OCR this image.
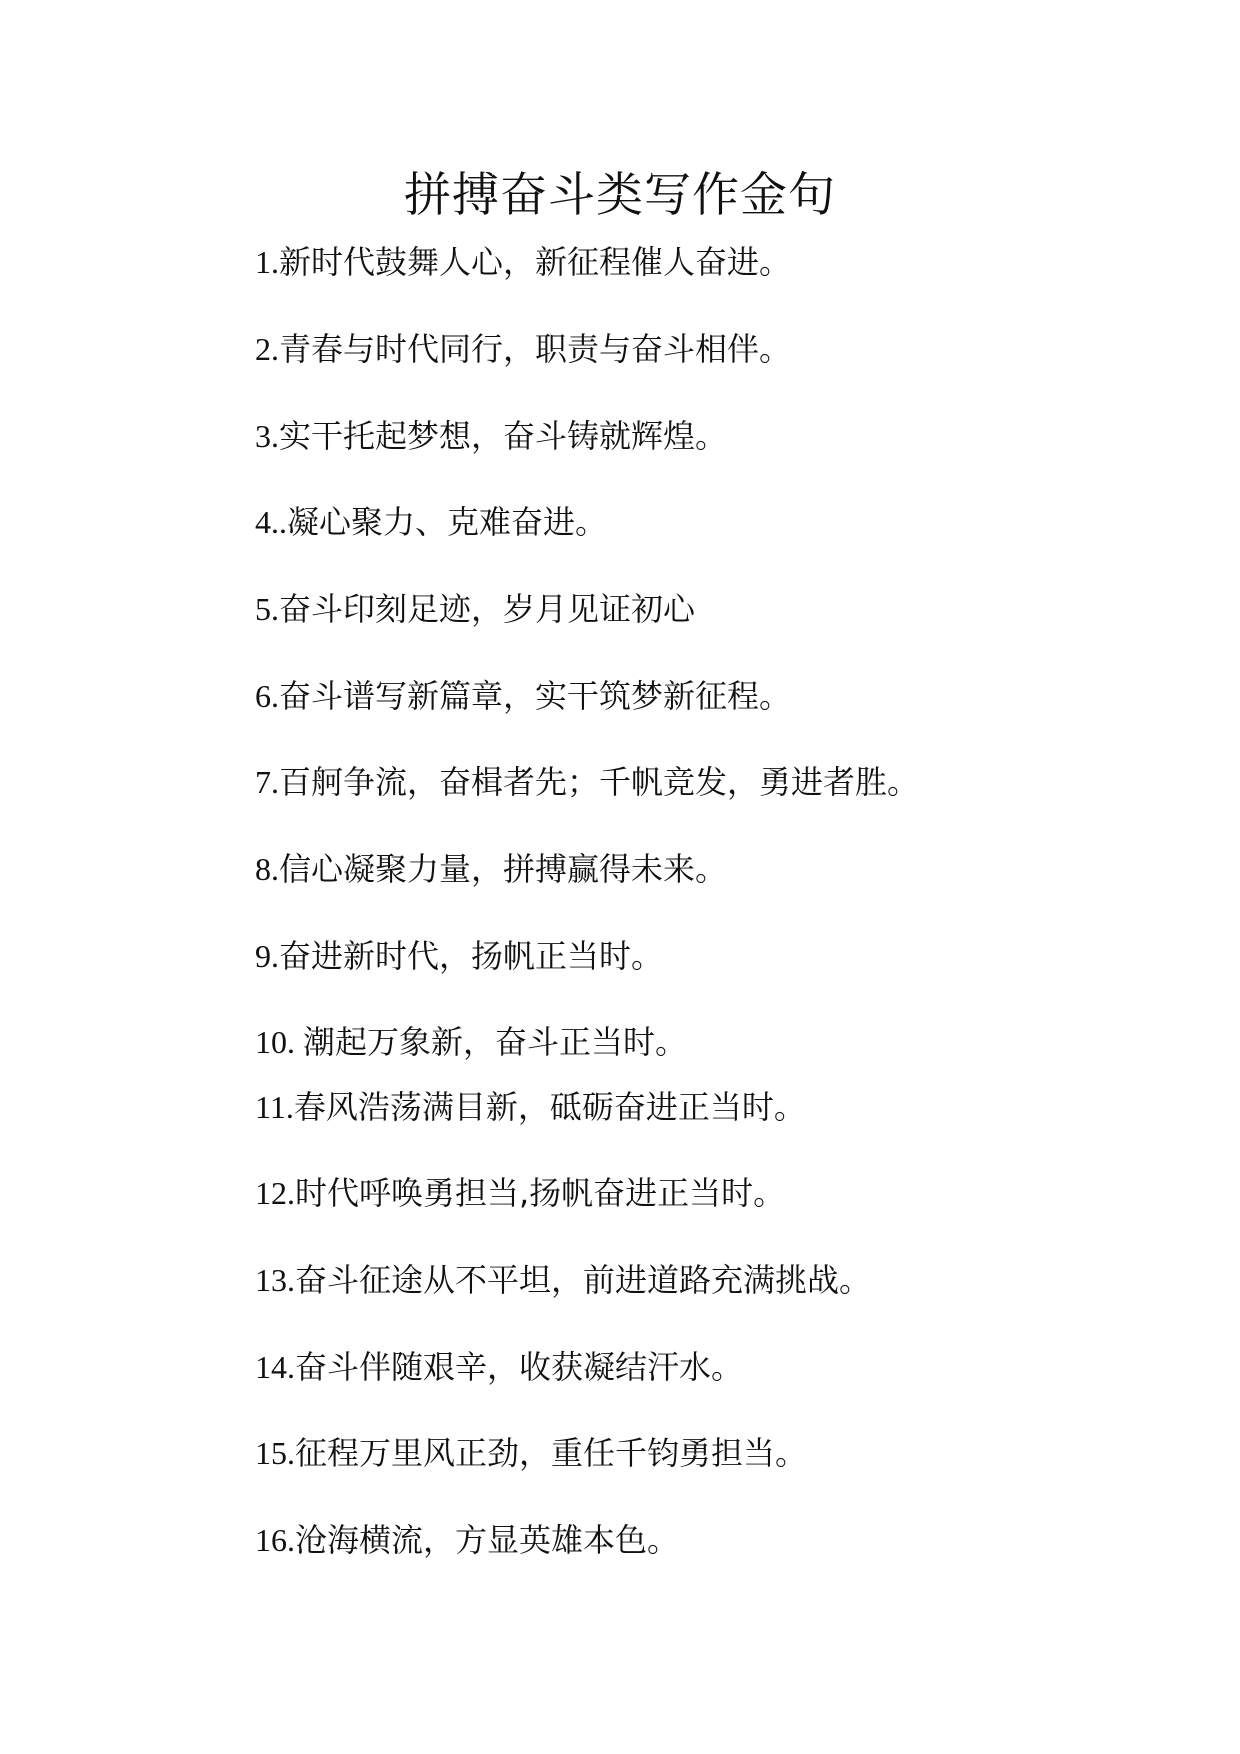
拼搏奋斗类写作金句
1.新时代鼓舞人心，新征程催人奋进。
2.青春与时代同行，职责与奋斗相伴。
3.实干托起梦想，奋斗铸就辉煌。
4..凝心聚力、克难奋进。
5.奋斗印刻足迹，岁月见证初心
6.奋斗谱写新篇章，实干筑梦新征程。
7.百舸争流，奋楫者先；千帆竞发，勇进者胜。
8.信心凝聚力量，拼搏赢得未来。
9.奋进新时代，扬帆正当时。
10. 潮起万象新，奋斗正当时。
11.春风浩荡满目新，砥砺奋进正当时。
12.时代呼唤勇担当,扬帆奋进正当时。
13.奋斗征途从不平坦，前进道路充满挑战。
14.奋斗伴随艰辛，收获凝结汗水。
15.征程万里风正劲，重任千钧勇担当。
16.沧海横流，方显英雄本色。
